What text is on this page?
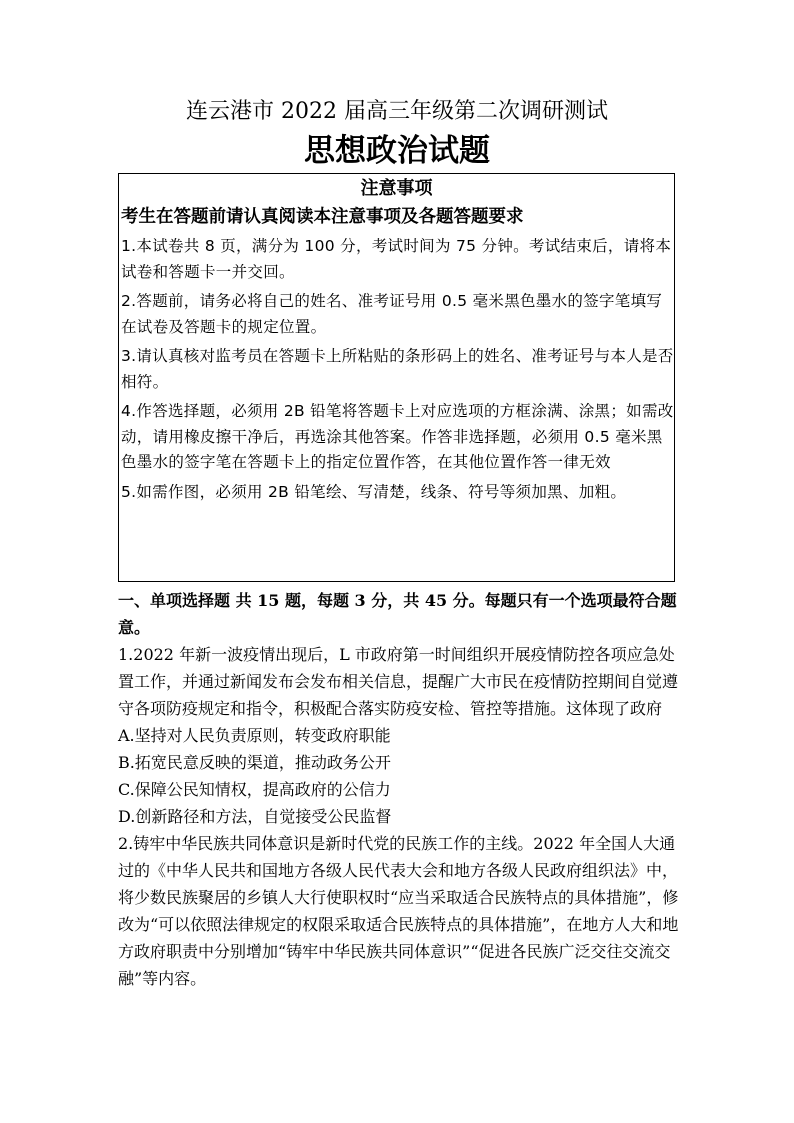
连云港市 2022 届高三年级第二次调研测试
思想政治试题
注意事项
考生在答题前请认真阅读本注意事项及各题答题要求
1.本试卷共 8 页，满分为 100 分，考试时间为 75 分钟。考试结束后，请将本试卷和答题卡一并交回。
2.答题前，请务必将自己的姓名、准考证号用 0.5 毫米黑色墨水的签字笔填写在试卷及答题卡的规定位置。
3.请认真核对监考员在答题卡上所粘贴的条形码上的姓名、准考证号与本人是否相符。
4.作答选择题，必须用 2B 铅笔将答题卡上对应选项的方框涂满、涂黑；如需改动，请用橡皮擦干净后，再选涂其他答案。作答非选择题，必须用 0.5 毫米黑色墨水的签字笔在答题卡上的指定位置作答，在其他位置作答一律无效
5.如需作图，必须用 2B 铅笔绘、写清楚，线条、符号等须加黑、加粗。
一、单项选择题 共 15 题，每题 3 分，共 45 分。每题只有一个选项最符合题意。
1.2022 年新一波疫情出现后，L 市政府第一时间组织开展疫情防控各项应急处置工作，并通过新闻发布会发布相关信息，提醒广大市民在疫情防控期间自觉遵守各项防疫规定和指令，积极配合落实防疫安检、管控等措施。这体现了政府
A.坚持对人民负责原则，转变政府职能
B.拓宽民意反映的渠道，推动政务公开
C.保障公民知情权，提高政府的公信力
D.创新路径和方法，自觉接受公民监督
2.铸牢中华民族共同体意识是新时代党的民族工作的主线。2022 年全国人大通过的《中华人民共和国地方各级人民代表大会和地方各级人民政府组织法》中，将少数民族聚居的乡镇人大行使职权时“应当采取适合民族特点的具体措施”，修改为“可以依照法律规定的权限采取适合民族特点的具体措施”，在地方人大和地方政府职责中分别增加“铸牢中华民族共同体意识”“促进各民族广泛交往交流交融”等内容。
